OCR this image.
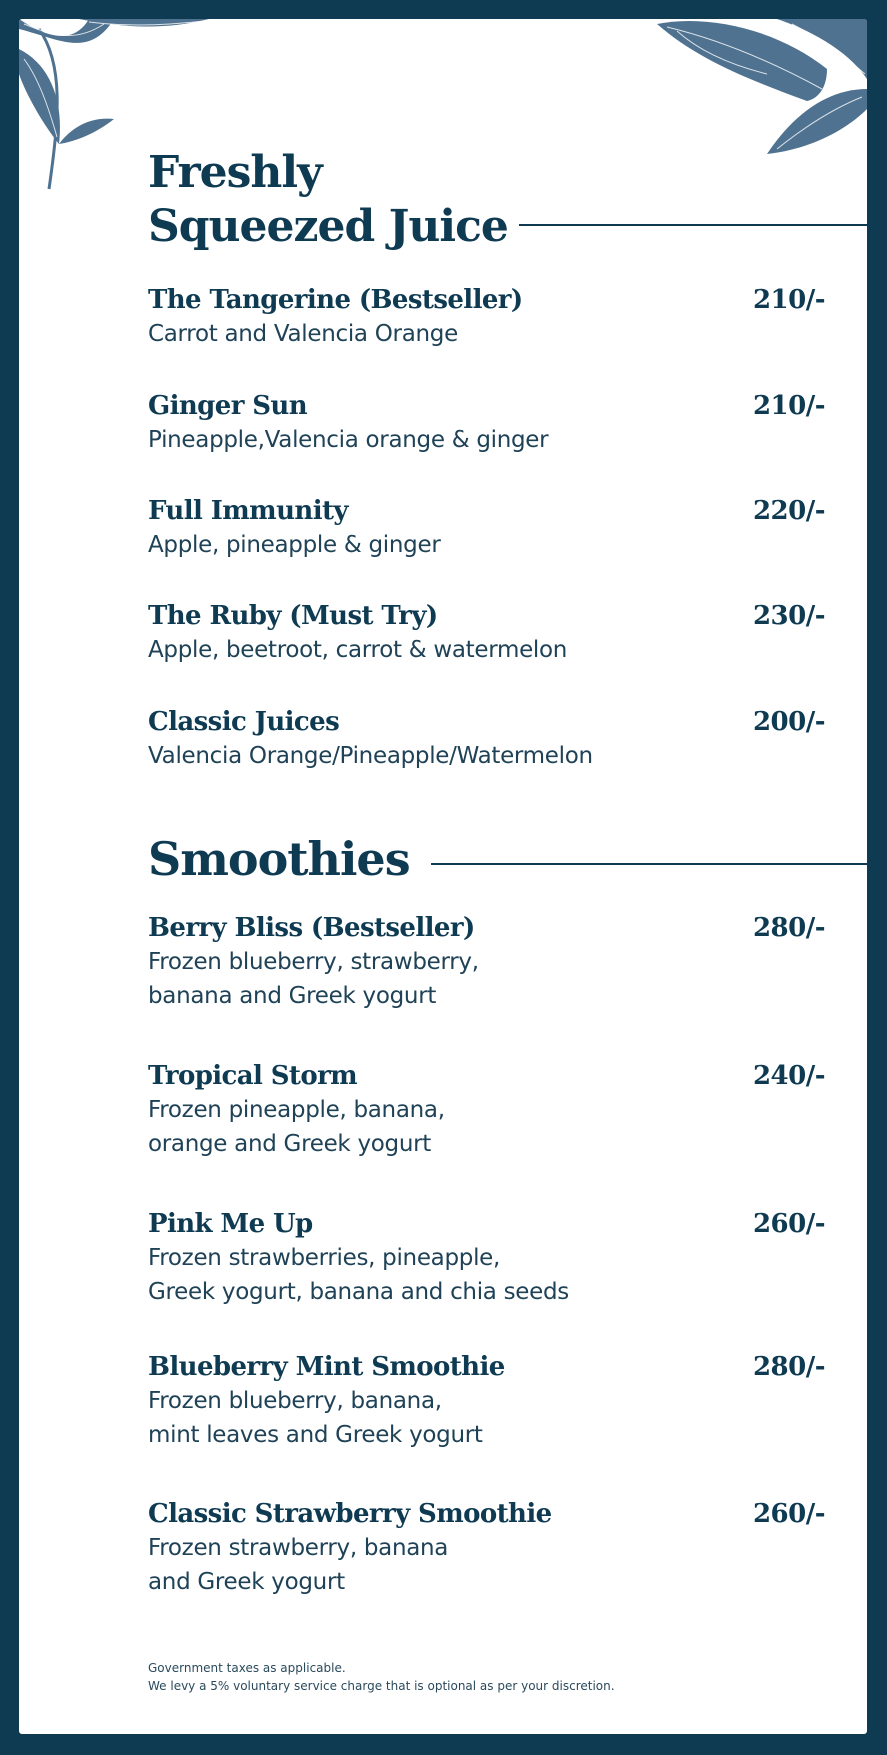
Freshly
Squeezed Juice

The Tangerine (Bestseller)	210/-

Carrot and Valencia Orange

Ginger Sun	210/-

Pineapple,Valencia orange & ginger

Full Immunity	220/-

Apple, pineapple & ginger

The Ruby (Must Try)	230/-

Apple, beetroot, carrot & watermelon

Classic Juices	200/-

Valencia Orange/Pineapple/Watermelon

Smoothies

Berry Bliss (Bestseller)	280/-

Frozen blueberry, strawberry,
banana and Greek yogurt

Tropical Storm	240/-

Frozen pineapple, banana,
orange and Greek yogurt

Pink Me Up	260/-

Frozen strawberries, pineapple,
Greek yogurt, banana and chia seeds

Blueberry Mint Smoothie	280/-

Frozen blueberry, banana,
mint leaves and Greek yogurt

Classic Strawberry Smoothie	260/-

Frozen strawberry, banana
and Greek yogurt

Government taxes as applicable.
We levy a 5% voluntary service charge that is optional as per your discretion.
